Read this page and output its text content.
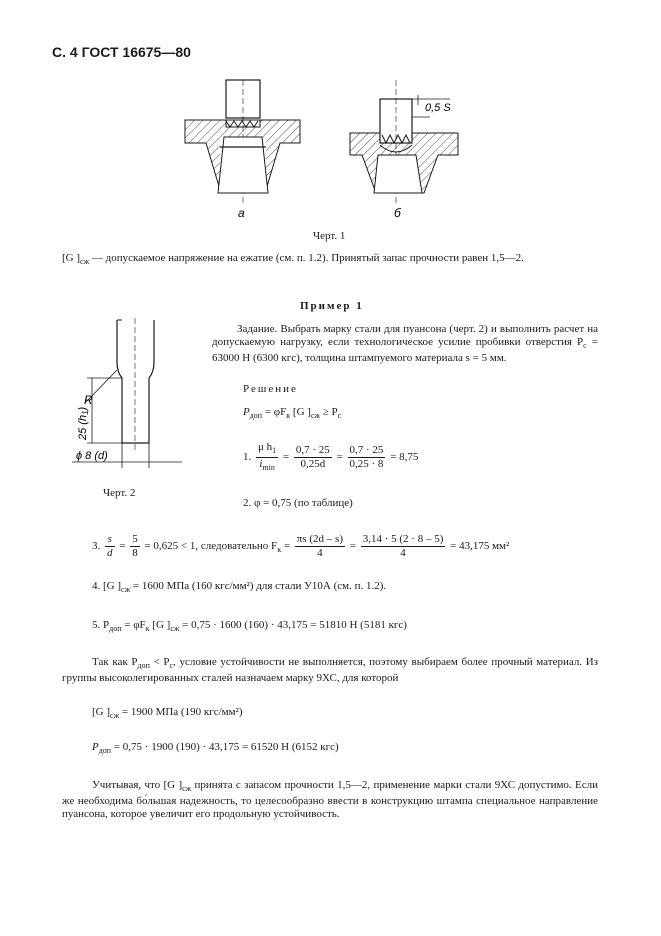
С. 4 ГОСТ 16675—80
а
0,5 S
б
Черт. 1
[G ]$_{сж}$ — допускаемое напряжение на ежатие (см. п. 1.2). Принятый запас прочности равен 1,5—2.
Пример 1
R
25 (h1)
ϕ 8 (d)
Черт. 2
Задание. Выбрать марку стали для пуансона (черт. 2) и выполнить расчет на допускаемую нагрузку, если технологическое усилие пробивки отверстия $P_с = 63000$ Н (6300 кгс), толщина штампуемого материала s = 5 мм.
Решение
$P_{доп} = \varphi F_к$ [G ]$_{сж} \ge P_с$
1. $\frac{\mu h_1}{i_{min}} = \frac{0,7 \cdot 25}{0,25d} = \frac{0,7 \cdot 25}{0,25 \cdot 8} = 8,75$
2. φ = 0,75 (по таблице)
3. $\frac{s}{d} = \frac{5}{8} = 0,625 < 1$, следовательно $F_к = \frac{\pi s (2d - s)}{4} = \frac{3,14 \cdot 5 (2 \cdot 8 - 5)}{4} = 43,175$ мм²
4. [G ]$_{сж} = 1600$ МПа (160 кгс/мм²) для стали У10А (см. п. 1.2).
5. $P_{доп} = \varphi F_к$ [G ]$_{сж} = 0,75 \cdot 1600$ (160) · 43,175 = 51810 Н (5181 кгс)
Так как $P_{доп} < P_с$, условие устойчивости не выполняется, поэтому выбираем более прочный материал. Из группы высоколегированных сталей назначаем марку 9ХС, для которой
[G ]$_{сж} = 1900$ МПа (190 кгс/мм²)
$P_{доп} = 0,75 \cdot 1900$ (190) · 43,175 = 61520 Н (6152 кгс)
Учитывая, что [G ]$_{сж}$ принята с запасом прочности 1,5—2, применение марки стали 9ХС допустимо. Если же необходима бо́льшая надежность, то целесообразно ввести в конструкцию штампа специальное направление пуансона, которое увеличит его продольную устойчивость.
